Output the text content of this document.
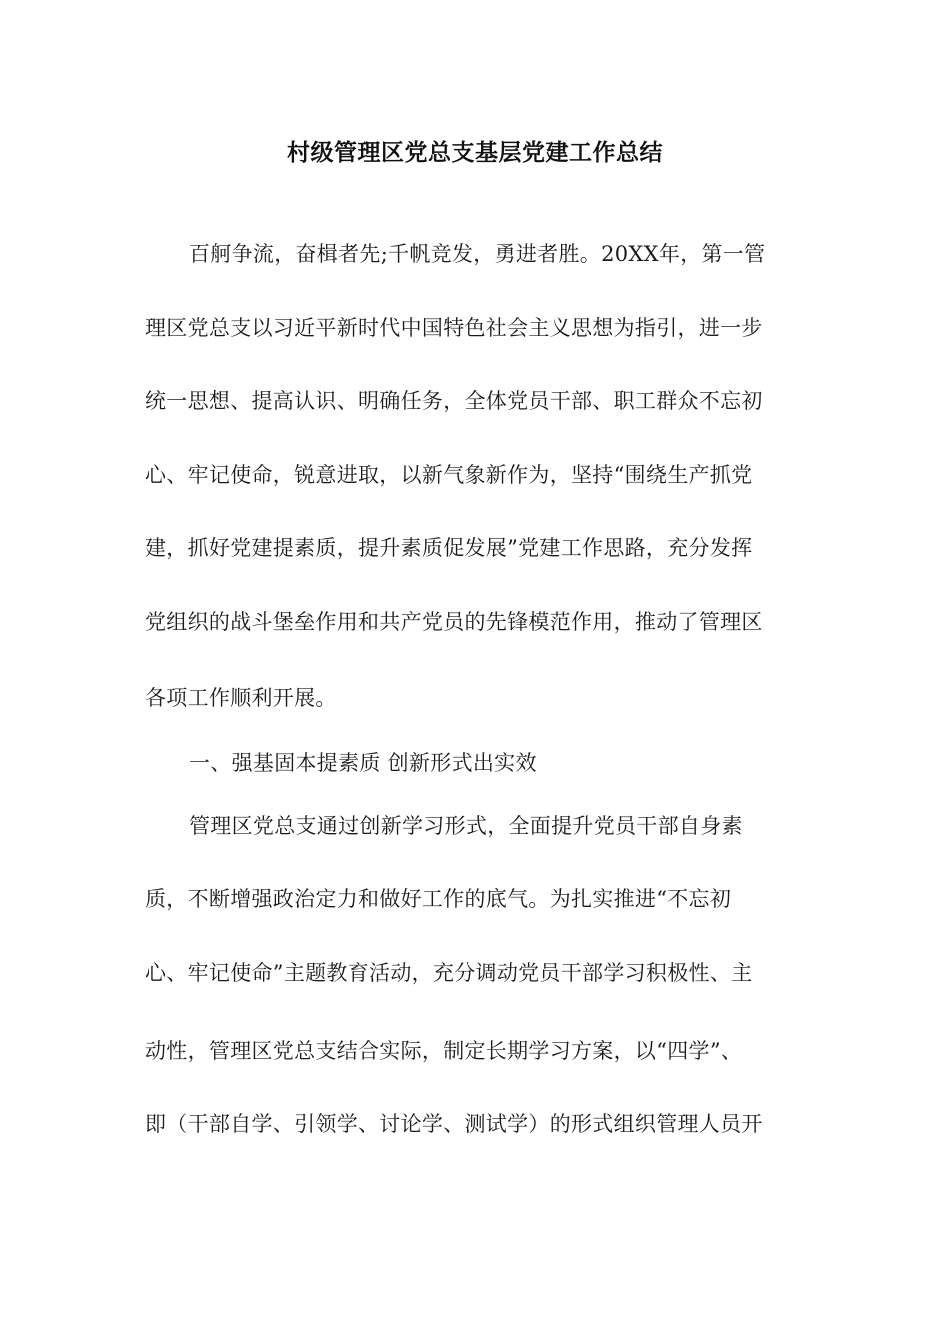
村级管理区党总支基层党建工作总结
百舸争流，奋楫者先;千帆竞发，勇进者胜。20XX年，第一管
理区党总支以习近平新时代中国特色社会主义思想为指引，进一步
统一思想、提高认识、明确任务，全体党员干部、职工群众不忘初
心、牢记使命，锐意进取，以新气象新作为，坚持“围绕生产抓党
建，抓好党建提素质，提升素质促发展”党建工作思路，充分发挥
党组织的战斗堡垒作用和共产党员的先锋模范作用，推动了管理区
各项工作顺利开展。
一、强基固本提素质 创新形式出实效
管理区党总支通过创新学习形式，全面提升党员干部自身素
质，不断增强政治定力和做好工作的底气。为扎实推进“不忘初
心、牢记使命”主题教育活动，充分调动党员干部学习积极性、主
动性，管理区党总支结合实际，制定长期学习方案，以“四学”、
即（干部自学、引领学、讨论学、测试学）的形式组织管理人员开
